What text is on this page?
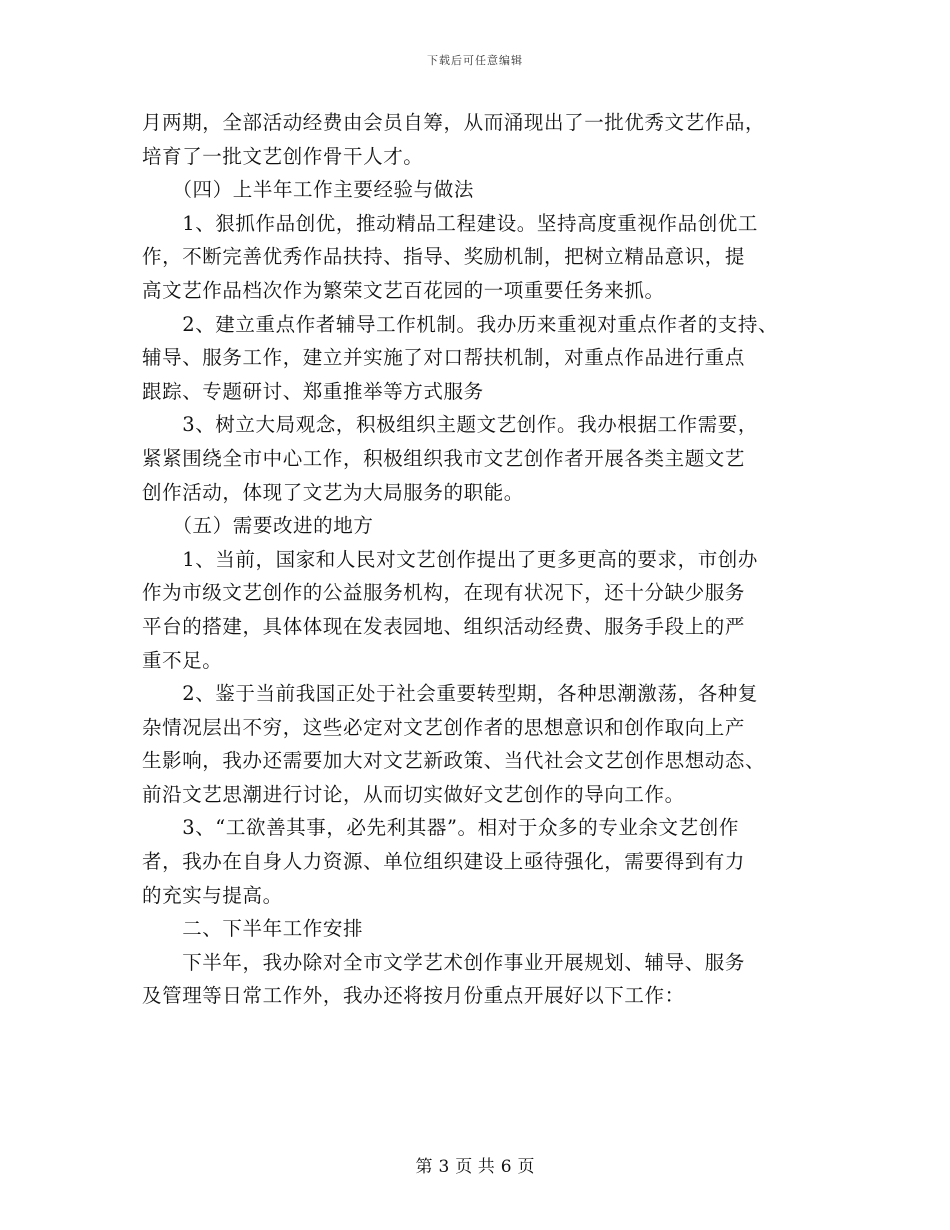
下载后可任意编辑
月两期，全部活动经费由会员自筹，从而涌现出了一批优秀文艺作品，
培育了一批文艺创作骨干人才。
　　（四）上半年工作主要经验与做法
　　1、狠抓作品创优，推动精品工程建设。坚持高度重视作品创优工
作，不断完善优秀作品扶持、指导、奖励机制，把树立精品意识，提
高文艺作品档次作为繁荣文艺百花园的一项重要任务来抓。
　　2、建立重点作者辅导工作机制。我办历来重视对重点作者的支持、
辅导、服务工作，建立并实施了对口帮扶机制，对重点作品进行重点
跟踪、专题研讨、郑重推举等方式服务
　　3、树立大局观念，积极组织主题文艺创作。我办根据工作需要，
紧紧围绕全市中心工作，积极组织我市文艺创作者开展各类主题文艺
创作活动，体现了文艺为大局服务的职能。
　　（五）需要改进的地方
　　1、当前，国家和人民对文艺创作提出了更多更高的要求，市创办
作为市级文艺创作的公益服务机构，在现有状况下，还十分缺少服务
平台的搭建，具体体现在发表园地、组织活动经费、服务手段上的严
重不足。
　　2、鉴于当前我国正处于社会重要转型期，各种思潮激荡，各种复
杂情况层出不穷，这些必定对文艺创作者的思想意识和创作取向上产
生影响，我办还需要加大对文艺新政策、当代社会文艺创作思想动态、
前沿文艺思潮进行讨论，从而切实做好文艺创作的导向工作。
　　3、“工欲善其事，必先利其器”。相对于众多的专业余文艺创作
者，我办在自身人力资源、单位组织建设上亟待强化，需要得到有力
的充实与提高。
　　二、下半年工作安排
　　下半年，我办除对全市文学艺术创作事业开展规划、辅导、服务
及管理等日常工作外，我办还将按月份重点开展好以下工作：
第 3 页 共 6 页
